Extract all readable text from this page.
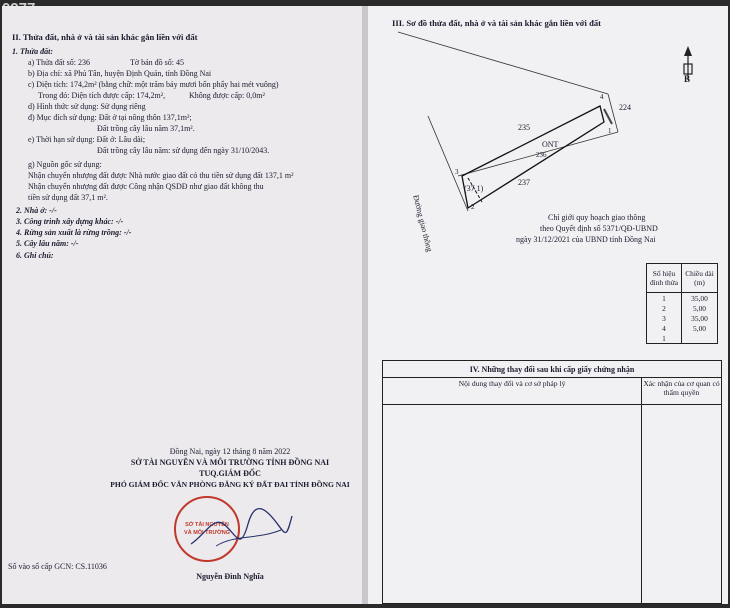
II. Thửa đất, nhà ở và tài sản khác gắn liền với đất
1. Thửa đất:
a) Thửa đất số: 236	Tờ bản đồ số: 45
b) Địa chỉ: xã Phú Tân, huyện Định Quán, tỉnh Đồng Nai
c) Diện tích: 174,2m² (bằng chữ: một trăm bảy mươi bốn phẩy hai mét vuông)
Trong đó: Diện tích được cấp: 174,2m²,	Không được cấp: 0,0m²
d) Hình thức sử dụng: Sử dụng riêng
đ) Mục đích sử dụng: Đất ở tại nông thôn 137,1m²;
Đất trồng cây lâu năm 37,1m².
e) Thời hạn sử dụng: Đất ở: Lâu dài;
Đất trồng cây lâu năm: sử dụng đến ngày 31/10/2043.
g) Nguồn gốc sử dụng:
Nhận chuyển nhượng đất được Nhà nước giao đất có thu tiền sử dụng đất 137,1 m²
Nhận chuyển nhượng đất được Công nhận QSDĐ như giao đất không thu
tiền sử dụng đất 37,1 m².
2. Nhà ở: -/-
3. Công trình xây dựng khác: -/-
4. Rừng sản xuất là rừng trồng: -/-
5. Cây lâu năm: -/-
6. Ghi chú:
Đồng Nai, ngày 12 tháng 8 năm 2022
SỞ TÀI NGUYÊN VÀ MÔI TRƯỜNG TỈNH ĐỒNG NAI
TUQ.GIÁM ĐỐC
PHÓ GIÁM ĐỐC VĂN PHÒNG ĐĂNG KÝ ĐẤT ĐAI TỈNH ĐỒNG NAI
SỞ TÀI NGUYÊN VÀ MÔI TRƯỜNG
Nguyễn Đình Nghĩa
Số vào sổ cấp GCN: CS.11036
III. Sơ đồ thửa đất, nhà ở và tài sản khác gắn liền với đất
B
224
235
ONT
236
237
4
1
3
2
(37,1)
Đường giao thông	Chỉ giới quy hoạch giao thông
theo Quyết định số 5371/QĐ-UBND
ngày 31/12/2021 của UBND tỉnh Đồng Nai
Số hiệu đỉnh thửa	Chiều dài (m)
1	35,00
2	5,00
3	35,00
4	5,00
1	
IV. Những thay đổi sau khi cấp giấy chứng nhận	
Nội dung thay đổi và cơ sở pháp lý	Xác nhận của cơ quan có thẩm quyền
